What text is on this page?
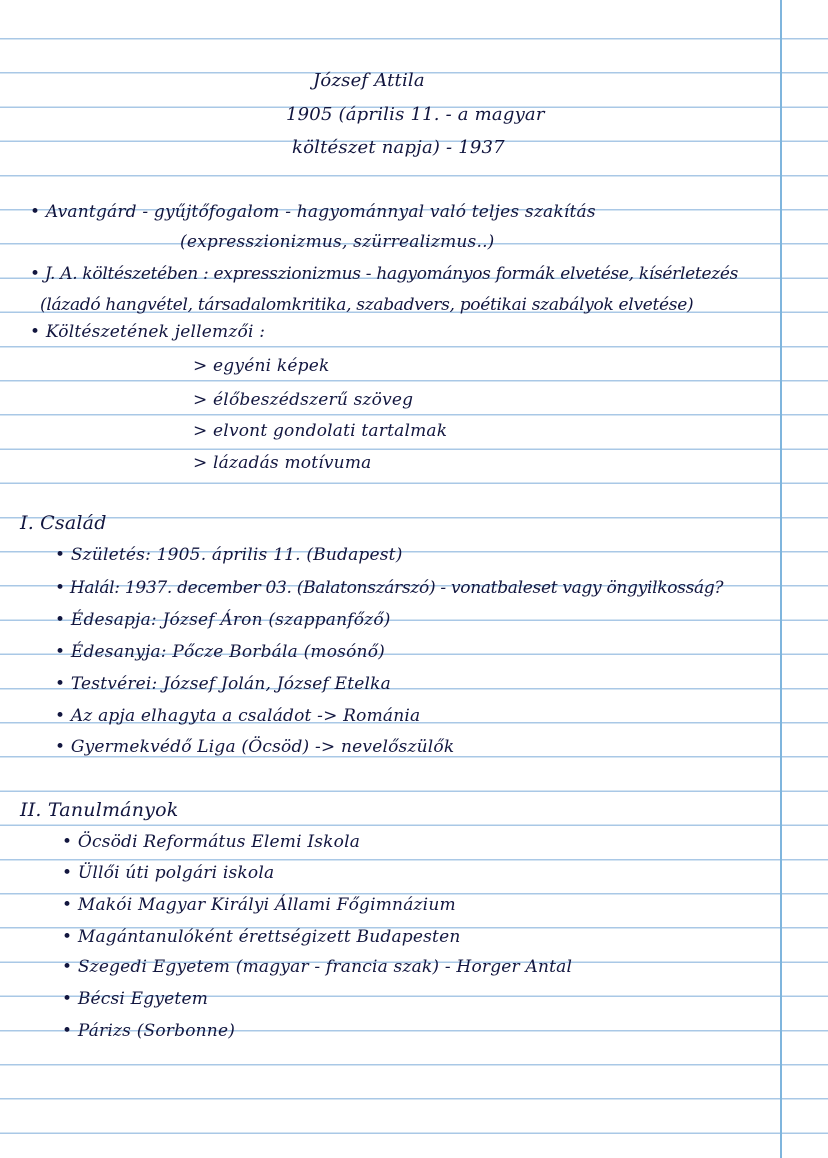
József Attila
1905 (április 11. - a magyar
költészet napja) - 1937
• Avantgárd - gyűjtőfogalom - hagyománnyal való teljes szakítás
(expresszionizmus, szürrealizmus..)
• J. A. költészetében : expresszionizmus - hagyományos formák elvetése, kísérletezés
(lázadó hangvétel, társadalomkritika, szabadvers, poétikai szabályok elvetése)
• Költészetének jellemzői :
> egyéni képek
> élőbeszédszerű szöveg
> elvont gondolati tartalmak
> lázadás motívuma
I. Család
• Születés: 1905. április 11. (Budapest)
• Halál: 1937. december 03. (Balatonszárszó) - vonatbaleset vagy öngyilkosság?
• Édesapja: József Áron (szappanfőző)
• Édesanyja: Pőcze Borbála (mosónő)
• Testvérei: József Jolán, József Etelka
• Az apja elhagyta a családot -> Románia
• Gyermekvédő Liga (Öcsöd) -> nevelőszülők
II. Tanulmányok
• Öcsödi Református Elemi Iskola
• Üllői úti polgári iskola
• Makói Magyar Királyi Állami Főgimnázium
• Magántanulóként érettségizett Budapesten
• Szegedi Egyetem (magyar - francia szak) - Horger Antal
• Bécsi Egyetem
• Párizs (Sorbonne)
